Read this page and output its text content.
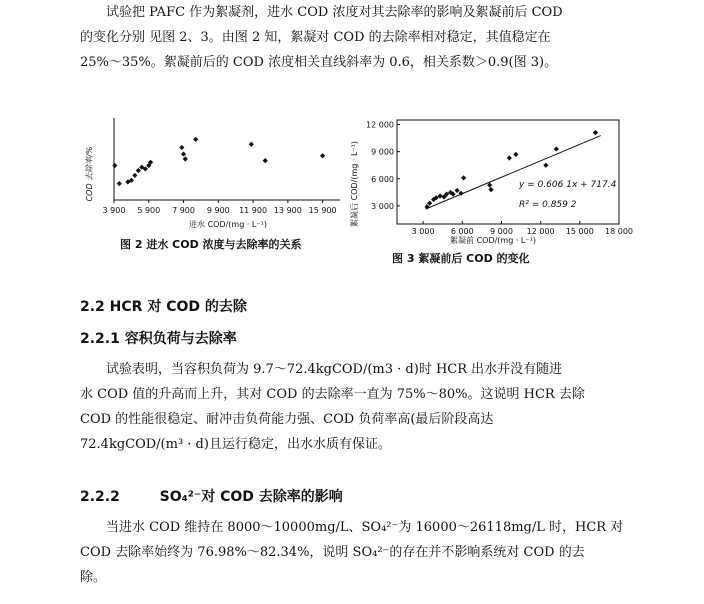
试验把 PAFC 作为絮凝剂，进水 COD 浓度对其去除率的影响及絮凝前后 COD
的变化分别 见图 2、3。由图 2 知，絮凝对 COD 的去除率相对稳定，其值稳定在
25%～35%。絮凝前后的 COD 浓度相关直线斜率为 0.6，相关系数＞0.9(图 3)。
3 900 5 900 7 900 9 900 11 900 13 900 15 900
COD 去除率/%
进水 COD/(mg · L⁻¹)
图 2 进水 COD 浓度与去除率的关系
3 000 6 000 9 000 12 000 15 000 18 000
3 000
6 000
9 000
12 000
y = 0.606 1x + 717.4
R² = 0.859 2
絮凝后 COD/(mg · L⁻¹)
絮凝前 COD/(mg · L⁻¹)
图 3 絮凝前后 COD 的变化
2.2 HCR 对 COD 的去除
2.2.1 容积负荷与去除率
试验表明，当容积负荷为 9.7～72.4kgCOD/(m3 · d)时 HCR 出水并没有随进
水 COD 值的升高而上升，其对 COD 的去除率一直为 75%～80%。这说明 HCR 去除
COD 的性能很稳定、耐冲击负荷能力强、COD 负荷率高(最后阶段高达
72.4kgCOD/(m³ · d)且运行稳定，出水水质有保证。
2.2.2	SO₄²⁻对 COD 去除率的影响
当进水 COD 维持在 8000～10000mg/L、SO₄²⁻为 16000～26118mg/L 时，HCR 对
COD 去除率始终为 76.98%～82.34%，说明 SO₄²⁻的存在并不影响系统对 COD 的去
除。
